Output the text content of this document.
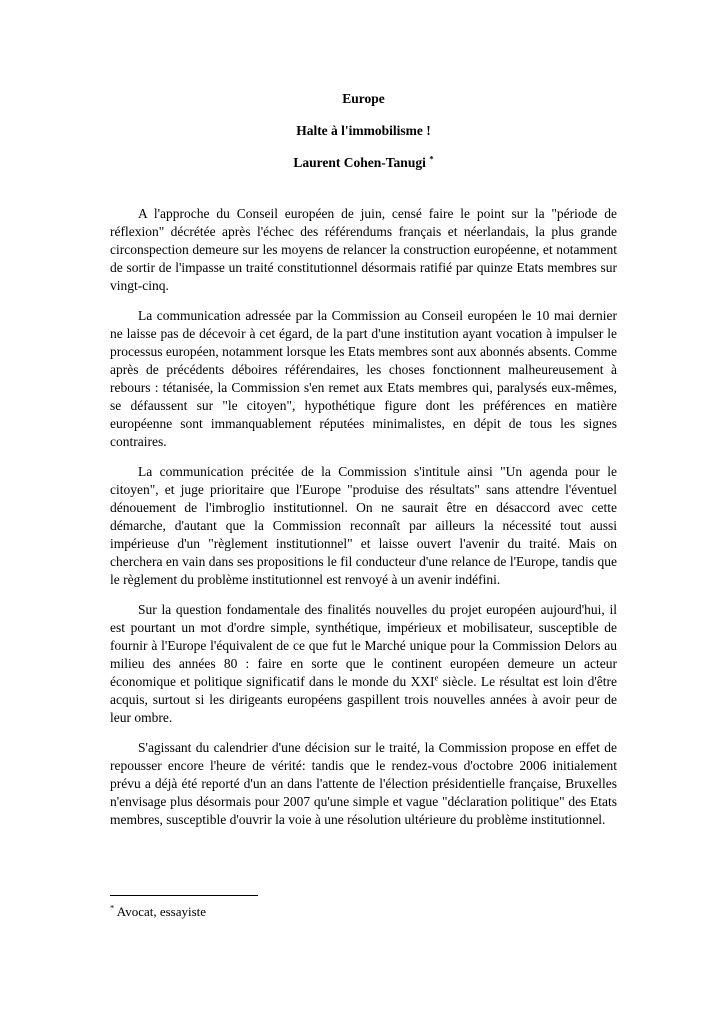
Europe

Halte à l'immobilisme !

Laurent Cohen-Tanugi *

A l'approche du Conseil européen de juin, censé faire le point sur la "période de réflexion" décrétée après l'échec des référendums français et néerlandais, la plus grande circonspection demeure sur les moyens de relancer la construction européenne, et notamment de sortir de l'impasse un traité constitutionnel désormais ratifié par quinze Etats membres sur vingt-cinq.

La communication adressée par la Commission au Conseil européen le 10 mai dernier ne laisse pas de décevoir à cet égard, de la part d'une institution ayant vocation à impulser le processus européen, notamment lorsque les Etats membres sont aux abonnés absents. Comme après de précédents déboires référendaires, les choses fonctionnent malheureusement à rebours : tétanisée, la Commission s'en remet aux Etats membres qui, paralysés eux-mêmes, se défaussent sur "le citoyen", hypothétique figure dont les préférences en matière européenne sont immanquablement réputées minimalistes, en dépit de tous les signes contraires.

La communication précitée de la Commission s'intitule ainsi "Un agenda pour le citoyen", et juge prioritaire que l'Europe "produise des résultats" sans attendre l'éventuel dénouement de l'imbroglio institutionnel. On ne saurait être en désaccord avec cette démarche, d'autant que la Commission reconnaît par ailleurs la nécessité tout aussi impérieuse d'un "règlement institutionnel" et laisse ouvert l'avenir du traité. Mais on cherchera en vain dans ses propositions le fil conducteur d'une relance de l'Europe, tandis que le règlement du problème institutionnel est renvoyé à un avenir indéfini.

Sur la question fondamentale des finalités nouvelles du projet européen aujourd'hui, il est pourtant un mot d'ordre simple, synthétique, impérieux et mobilisateur, susceptible de fournir à l'Europe l'équivalent de ce que fut le Marché unique pour la Commission Delors au milieu des années 80 : faire en sorte que le continent européen demeure un acteur économique et politique significatif dans le monde du XXIe siècle. Le résultat est loin d'être acquis, surtout si les dirigeants européens gaspillent trois nouvelles années à avoir peur de leur ombre.

S'agissant du calendrier d'une décision sur le traité, la Commission propose en effet de repousser encore l'heure de vérité: tandis que le rendez-vous d'octobre 2006 initialement prévu a déjà été reporté d'un an dans l'attente de l'élection présidentielle française, Bruxelles n'envisage plus désormais pour 2007 qu'une simple et vague "déclaration politique" des Etats membres, susceptible d'ouvrir la voie à une résolution ultérieure du problème institutionnel.

* Avocat, essayiste
